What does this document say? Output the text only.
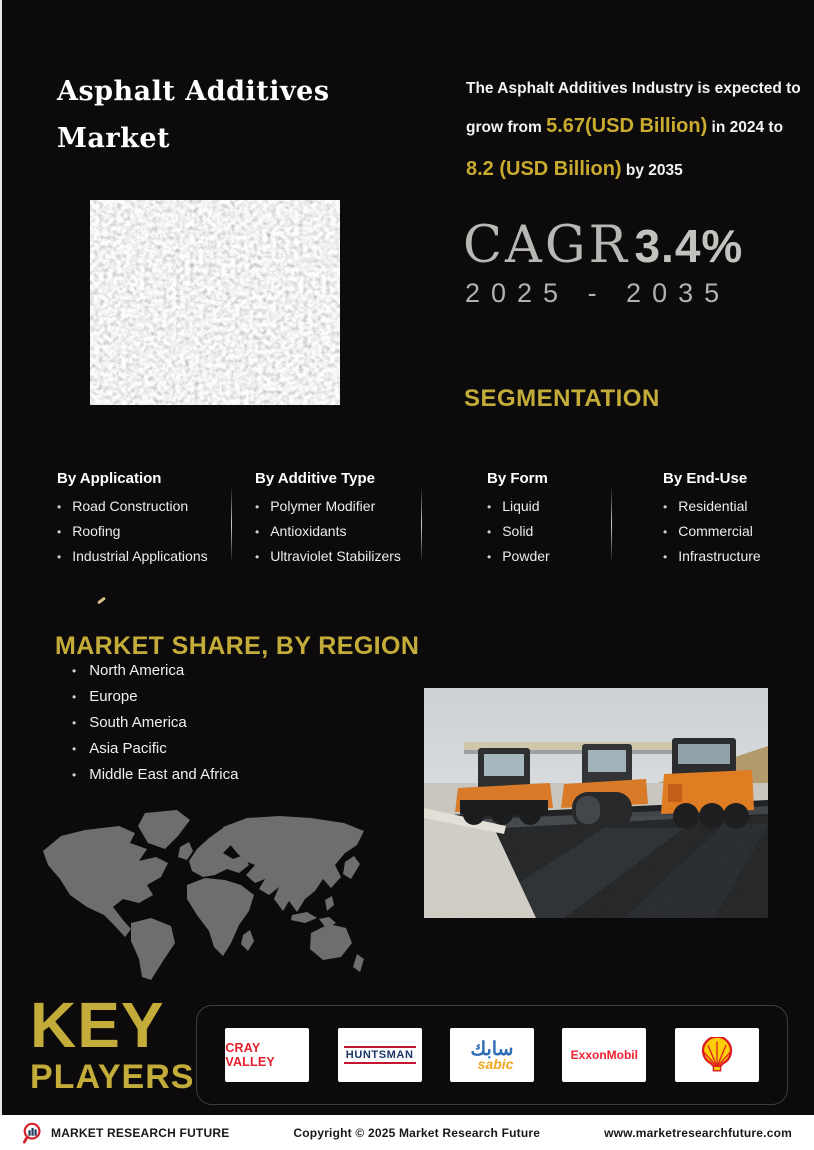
Asphalt Additives Market

The Asphalt Additives Industry is expected to grow from 5.67(USD Billion) in 2024 to 8.2 (USD Billion) by 2035

CAGR 3.4%
2025 - 2035
SEGMENTATION
By Application
• Road Construction
• Roofing
• Industrial Applications
By Additive Type
• Polymer Modifier
• Antioxidants
• Ultraviolet Stabilizers
By Form
• Liquid
• Solid
• Powder
By End-Use
• Residential
• Commercial
• Infrastructure
MARKET SHARE, BY REGION
• North America
• Europe
• South America
• Asia Pacific
• Middle East and Africa
KEY
PLAYERS
CRAY VALLEY	HUNTSMAN	سابك
sabic
ExxonMobil
MARKET RESEARCH FUTURE	Copyright © 2025 Market Research Future	www.marketresearchfuture.com
